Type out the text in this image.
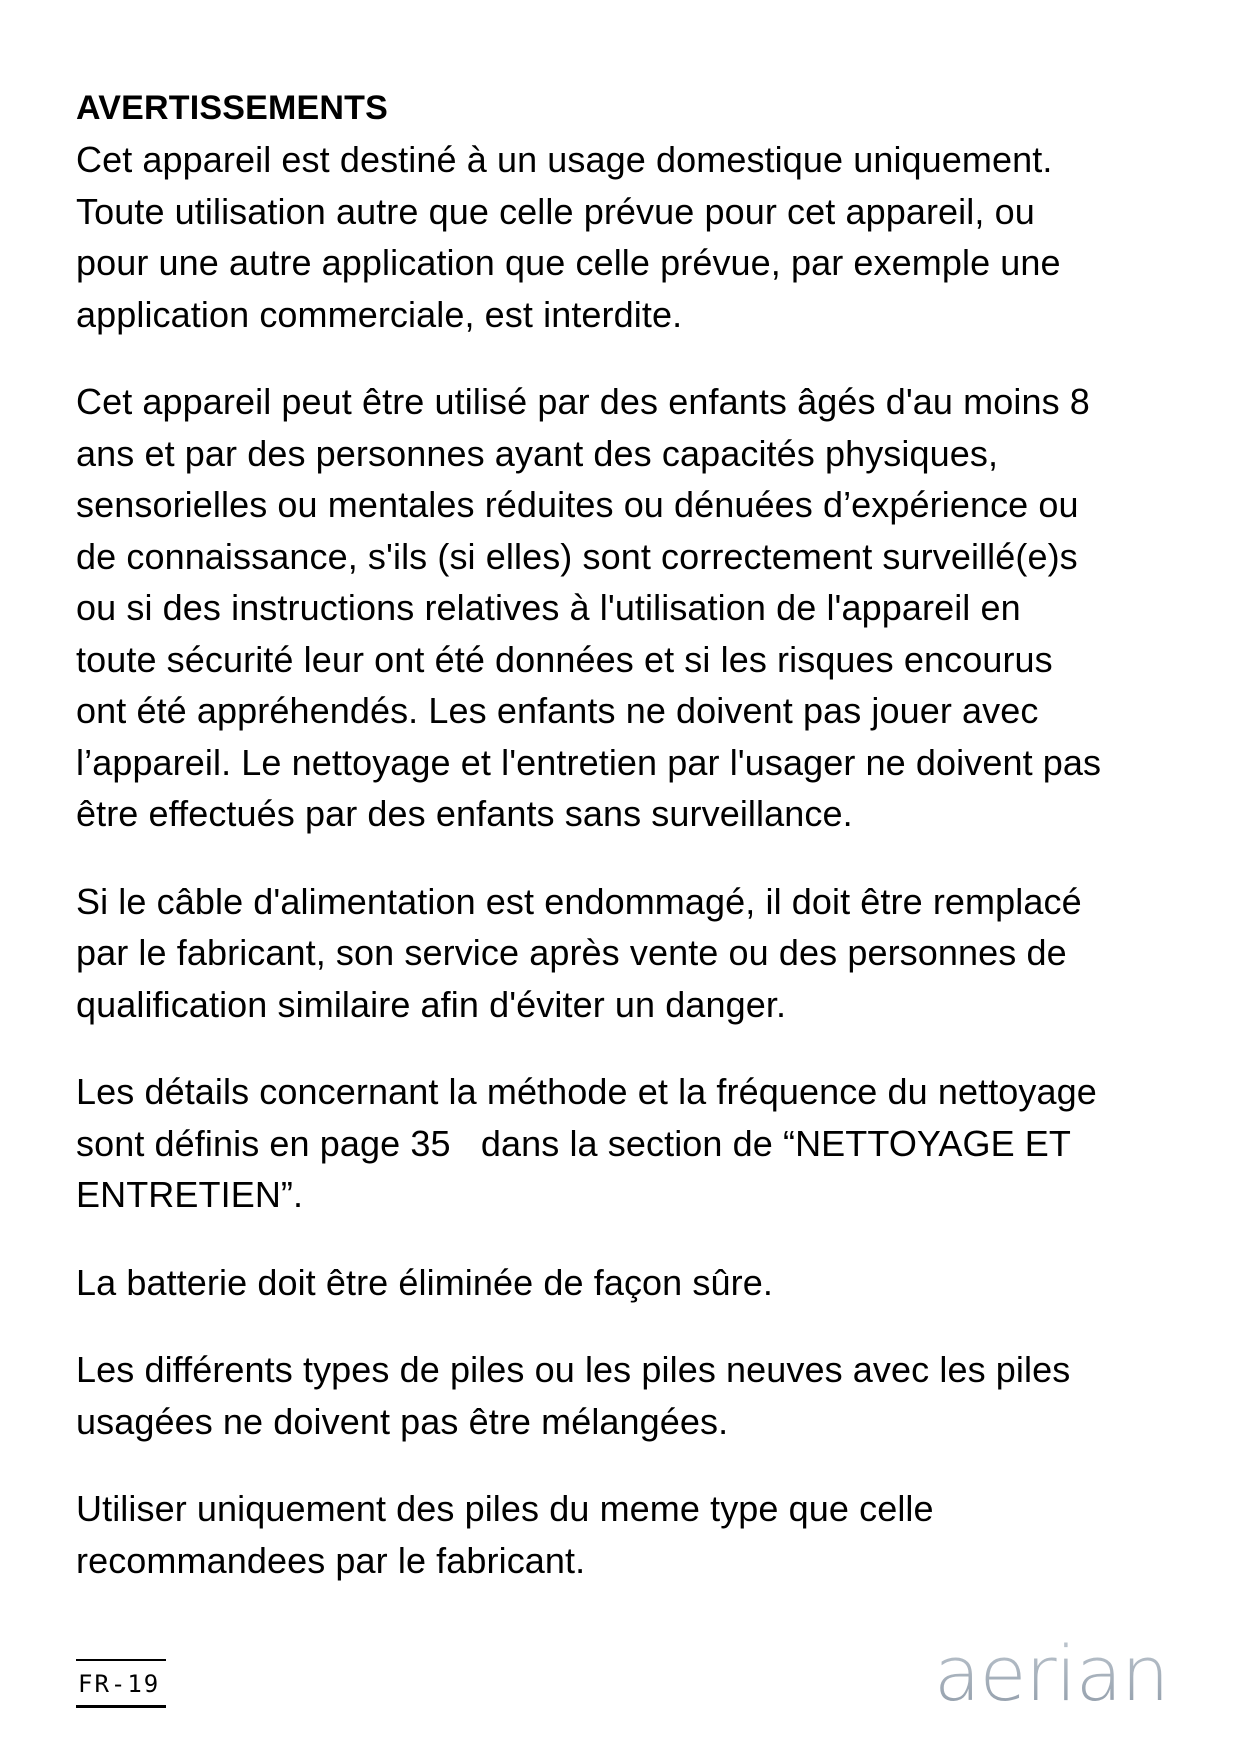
AVERTISSEMENTS

Cet appareil est destiné à un usage domestique uniquement.
Toute utilisation autre que celle prévue pour cet appareil, ou
pour une autre application que celle prévue, par exemple une
application commerciale, est interdite.

Cet appareil peut être utilisé par des enfants âgés d'au moins 8
ans et par des personnes ayant des capacités physiques,
sensorielles ou mentales réduites ou dénuées d’expérience ou
de connaissance, s'ils (si elles) sont correctement surveillé(e)s
ou si des instructions relatives à l'utilisation de l'appareil en
toute sécurité leur ont été données et si les risques encourus
ont été appréhendés. Les enfants ne doivent pas jouer avec
l’appareil. Le nettoyage et l'entretien par l'usager ne doivent pas
être effectués par des enfants sans surveillance.

Si le câble d'alimentation est endommagé, il doit être remplacé
par le fabricant, son service après vente ou des personnes de
qualification similaire afin d'éviter un danger.

Les détails concernant la méthode et la fréquence du nettoyage
sont définis en page 35   dans la section de “NETTOYAGE ET
ENTRETIEN”.

La batterie doit être éliminée de façon sûre.

Les différents types de piles ou les piles neuves avec les piles
usagées ne doivent pas être mélangées.

Utiliser uniquement des piles du meme type que celle
recommandees par le fabricant.

FR-19	aerian
